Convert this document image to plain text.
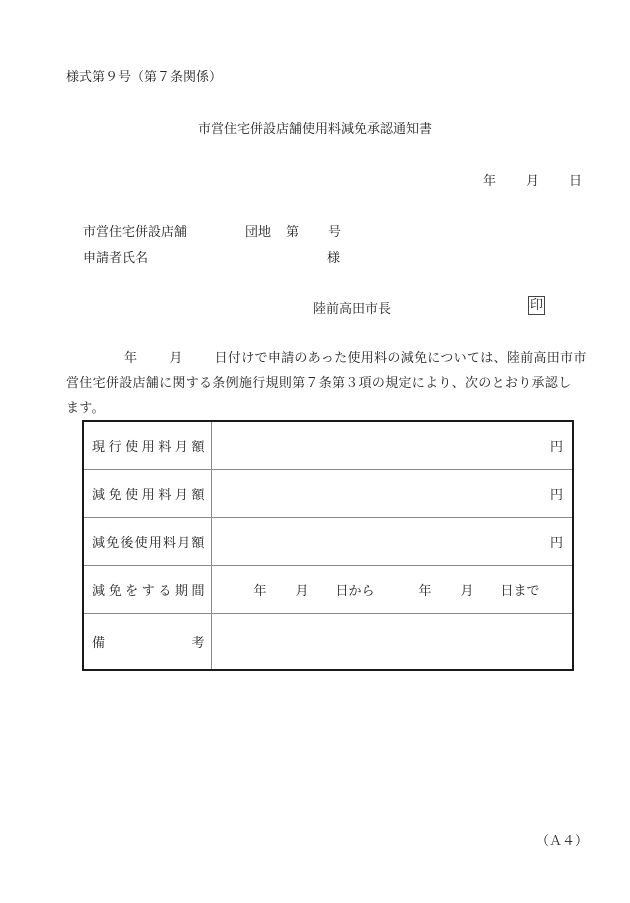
様式第９号（第７条関係）
市営住宅併設店舗使用料減免承認通知書
年 月 日
市営住宅併設店舗	団地 第 号
申請者氏名	様
陸前高田市長	印
年 月 日付けで申請のあった使用料の減免については、陸前高田市市
営住宅併設店舗に関する条例施行規則第７条第３項の規定により、次のとおり承認し
ます。
現 行 使 用 料 月 額	円

減 免 使 用 料 月 額	円

減 免 後 使 用 料 月 額	円

減 免 を す る 期 間	年	月	日から	年	月	日まで

備 考	

（Ａ４）
